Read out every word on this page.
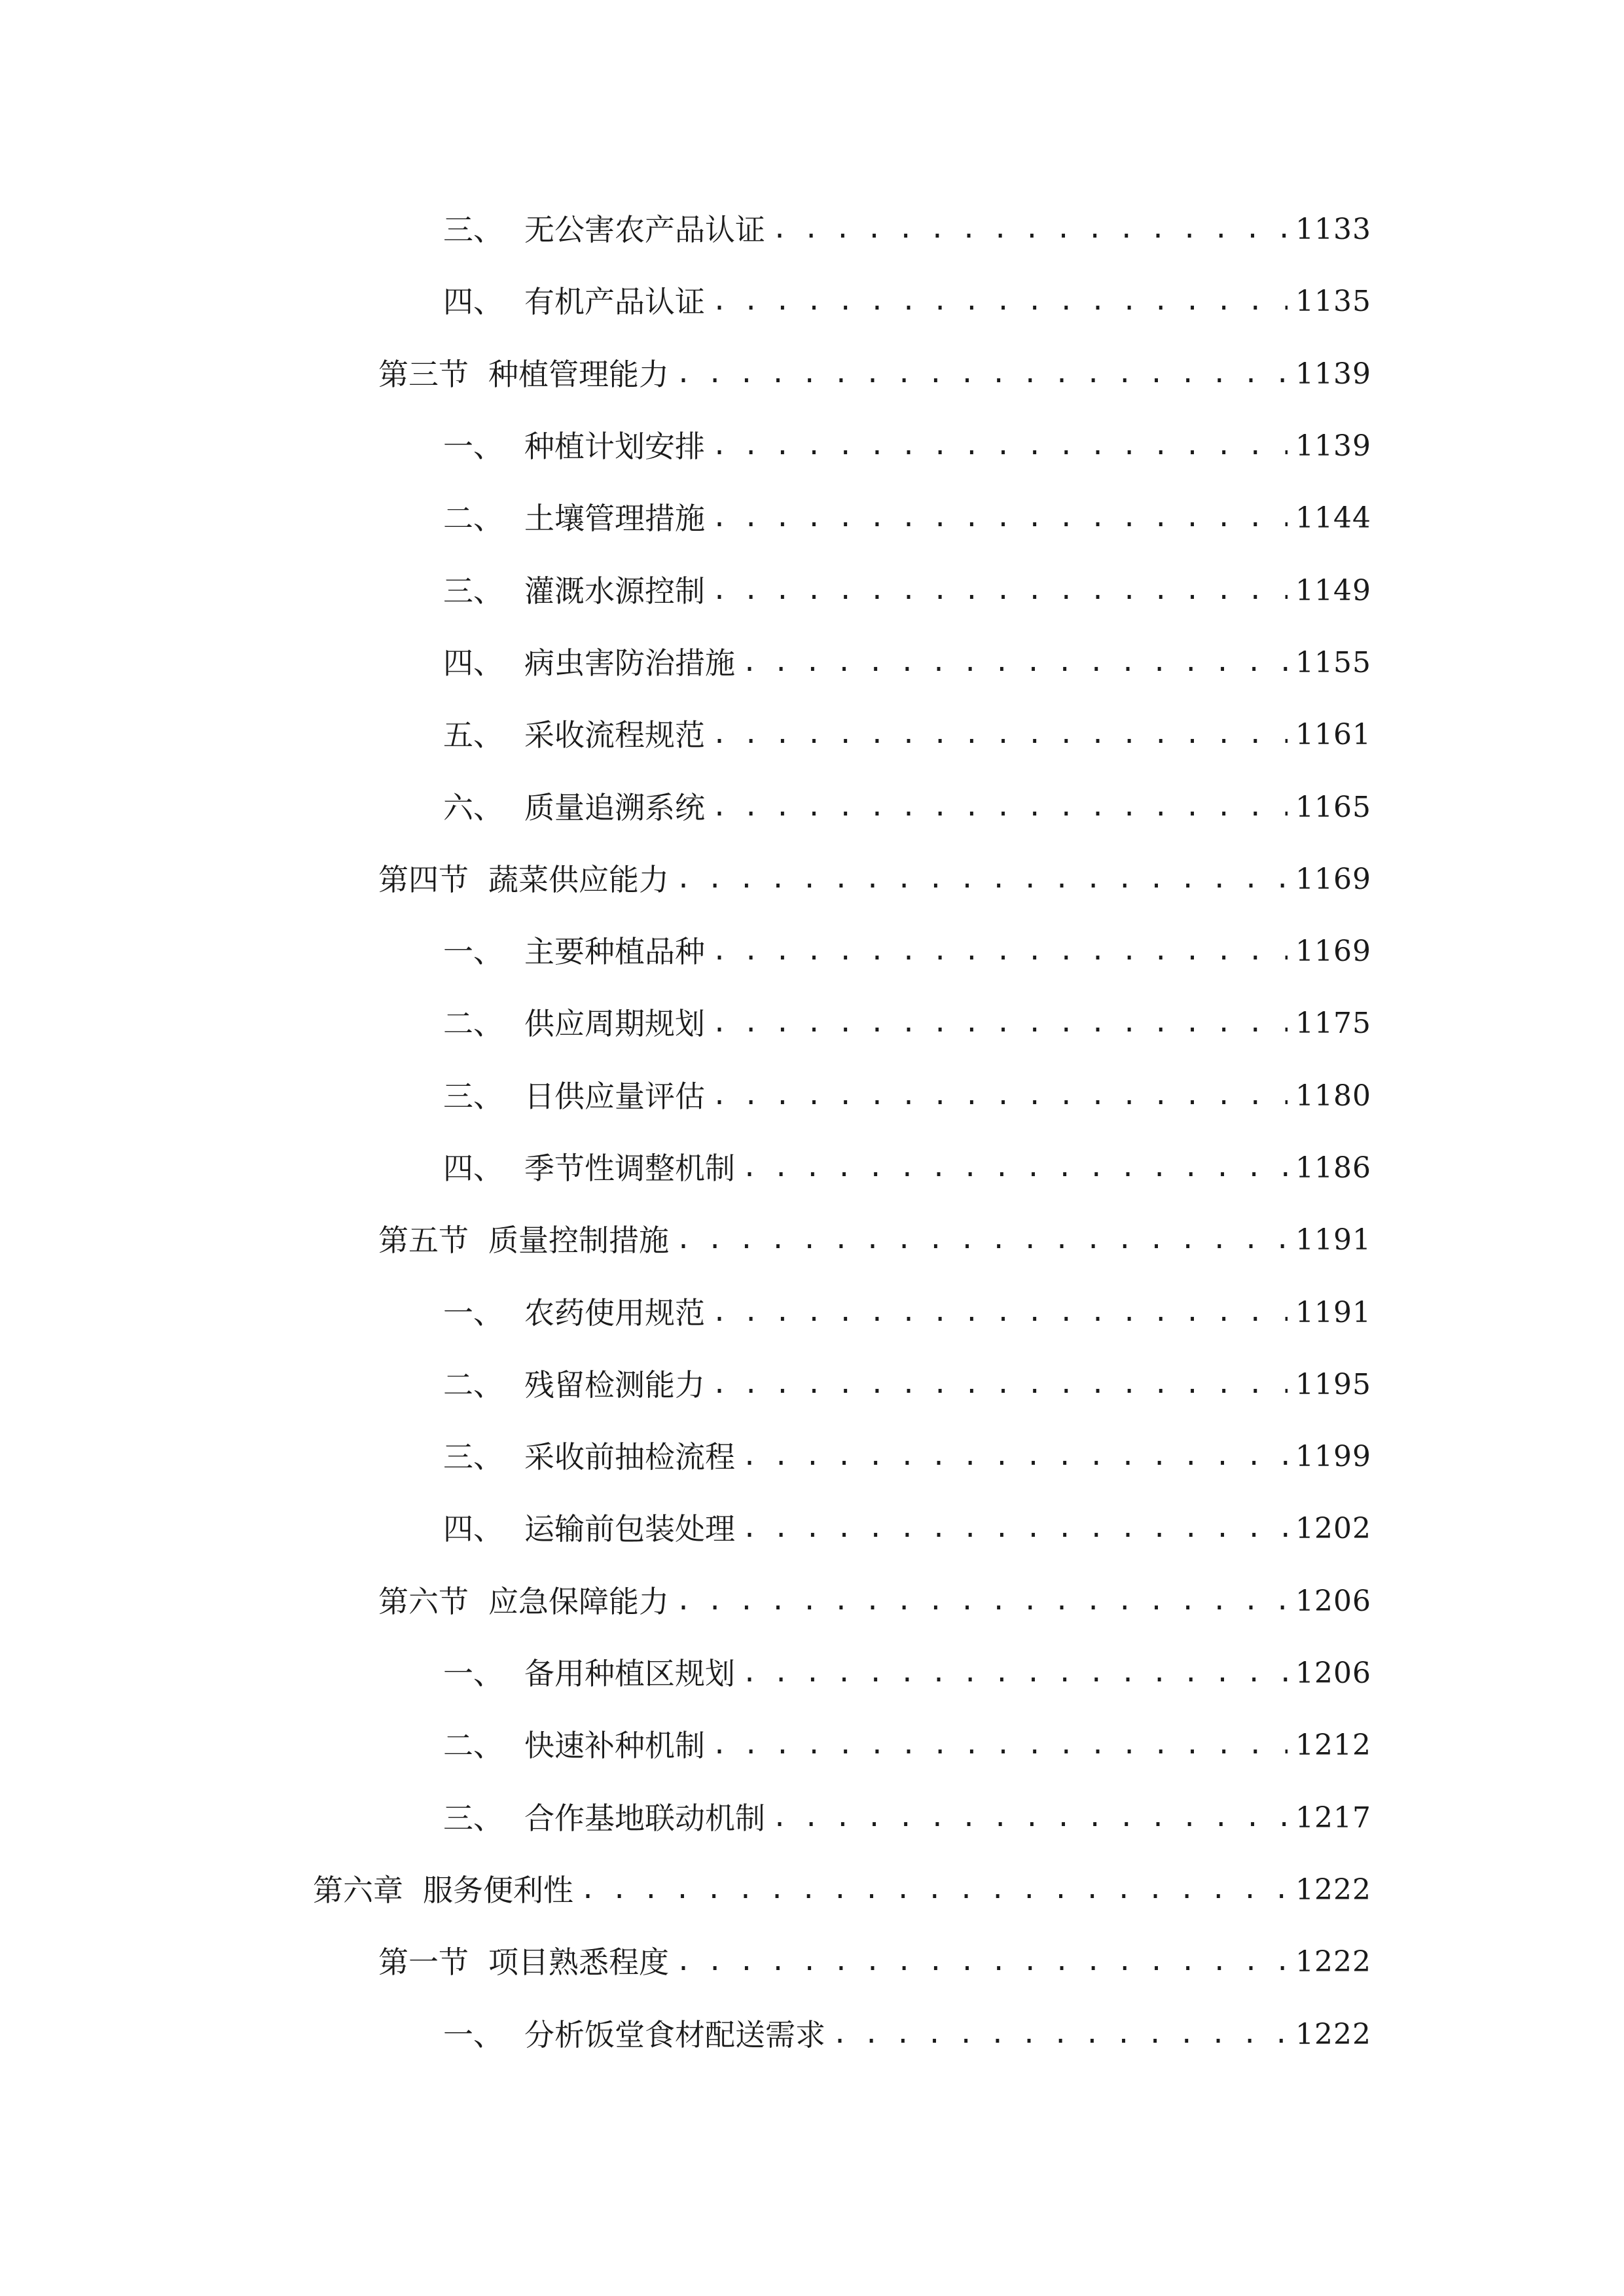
三、 无公害农产品认证 . . .	1133
四、 有机产品认证 . . .	1135
第三节 种植管理能力 . . .	1139
一、 种植计划安排 . . .	1139
二、 土壤管理措施 . . .	1144
三、 灌溉水源控制 . . .	1149
四、 病虫害防治措施 . . .	1155
五、 采收流程规范 . . .	1161
六、 质量追溯系统 . . .	1165
第四节 蔬菜供应能力 . . .	1169
一、 主要种植品种 . . .	1169
二、 供应周期规划 . . .	1175
三、 日供应量评估 . . .	1180
四、 季节性调整机制 . . .	1186
第五节 质量控制措施 . . .	1191
一、 农药使用规范 . . .	1191
二、 残留检测能力 . . .	1195
三、 采收前抽检流程 . . .	1199
四、 运输前包装处理 . . .	1202
第六节 应急保障能力 . . .	1206
一、 备用种植区规划 . . .	1206
二、 快速补种机制 . . .	1212
三、 合作基地联动机制 . . .	1217
第六章 服务便利性 . . .	1222
第一节 项目熟悉程度 . . .	1222
一、 分析饭堂食材配送需求 . . .	1222
